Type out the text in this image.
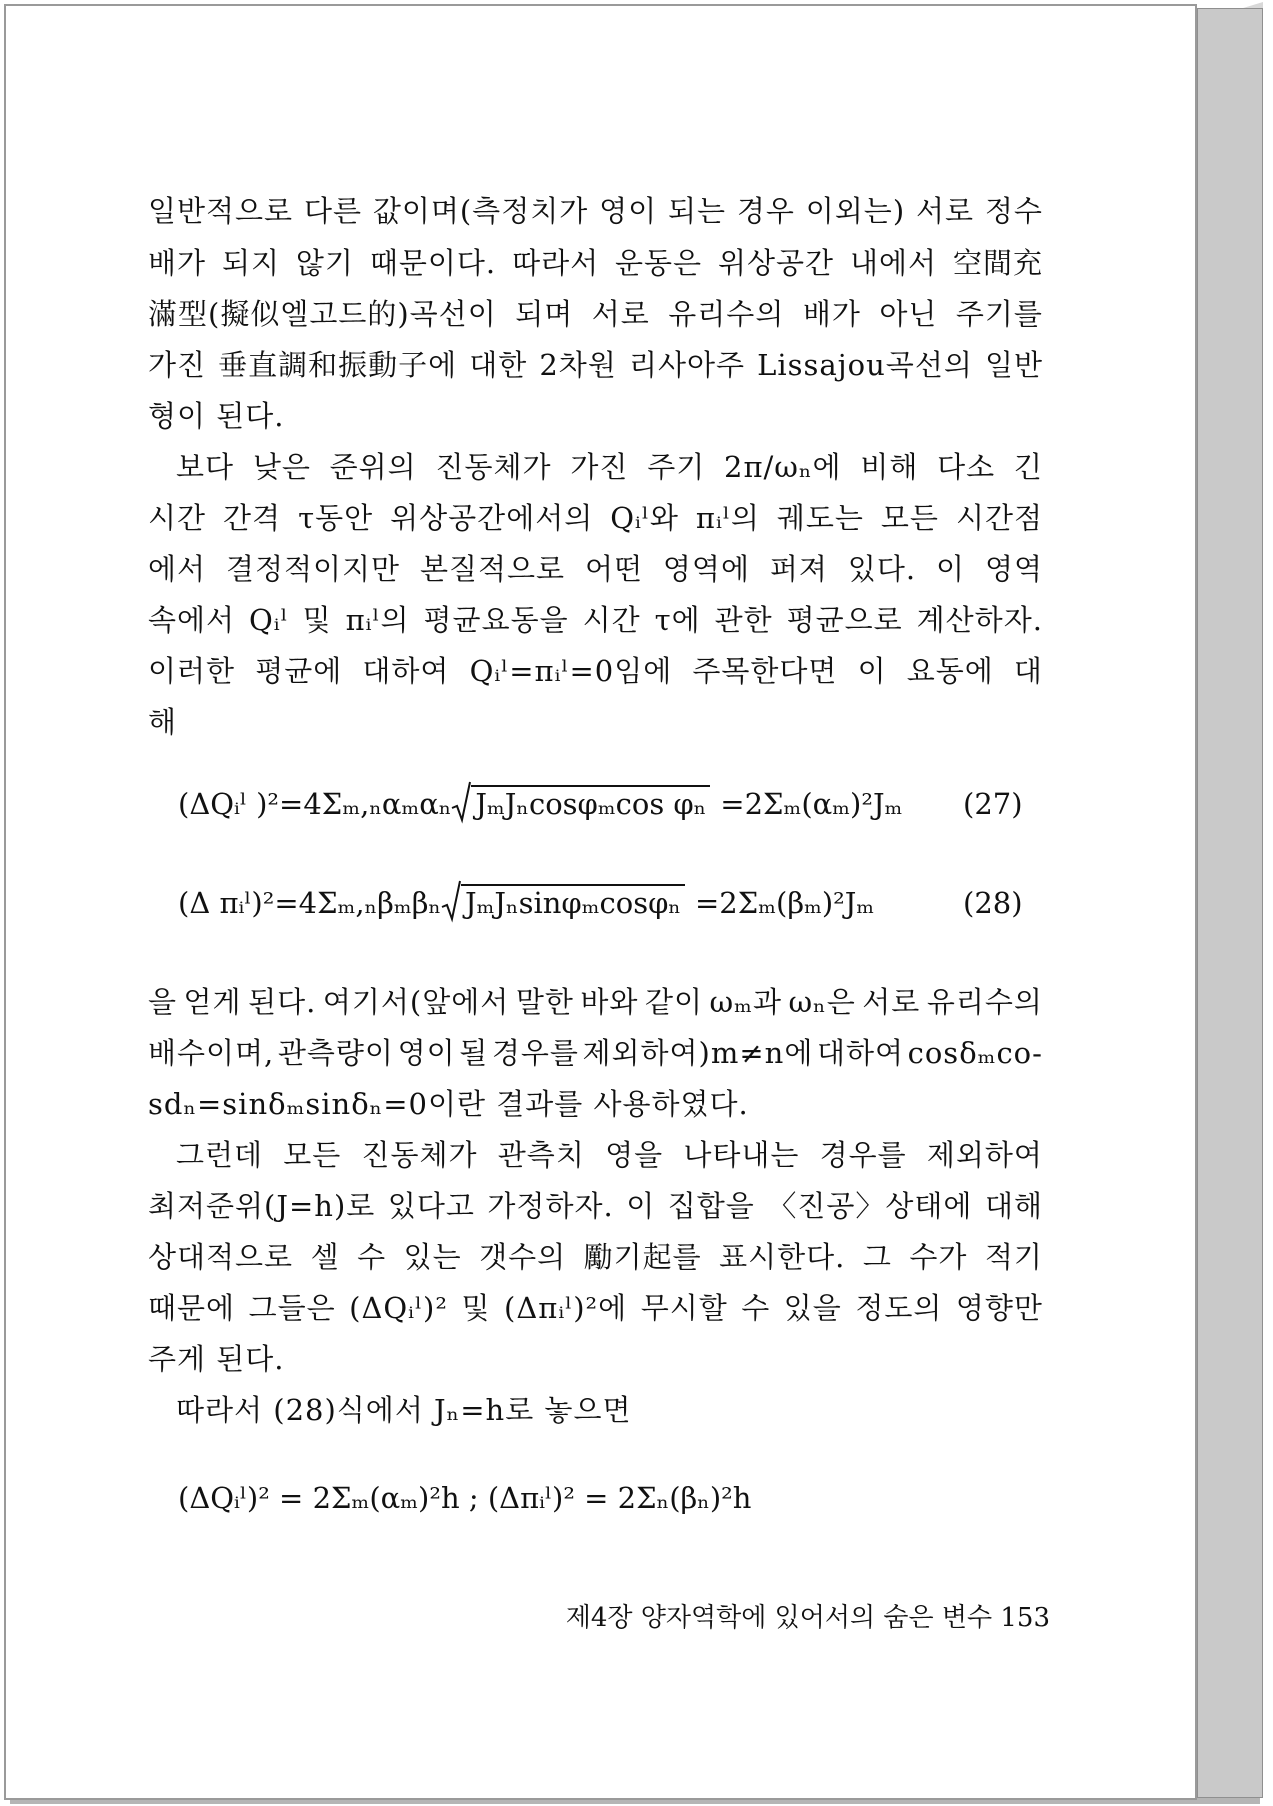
일반적으로 다른 값이며(측정치가 영이 되는 경우 이외는) 서로 정수
배가 되지 않기 때문이다. 따라서 운동은 위상공간 내에서 空間充
滿型(擬似엘고드的)곡선이 되며 서로 유리수의 배가 아닌 주기를
가진 垂直調和振動子에 대한 2차원 리사아주 Lissajou곡선의 일반
형이 된다.
보다 낮은 준위의 진동체가 가진 주기 2π/ωₙ에 비해 다소 긴
시간 간격 τ동안 위상공간에서의 Qᵢˡ와 πᵢˡ의 궤도는 모든 시간점
에서 결정적이지만 본질적으로 어떤 영역에 퍼져 있다. 이 영역
속에서 Qᵢˡ 및 πᵢˡ의 평균요동을 시간 τ에 관한 평균으로 계산하자.
이러한 평균에 대하여 Qᵢˡ=πᵢˡ=0임에 주목한다면 이 요동에 대
해
(ΔQᵢˡ )²=4Σₘ,ₙαₘαₙ JₘJₙcosφₘcos φₙ =2Σₘ(αₘ)²Jₘ (27)
(Δ πᵢˡ)²=4Σₘ,ₙβₘβₙ JₘJₙsinφₘcosφₙ =2Σₘ(βₘ)²Jₘ	(28)
을 얻게 된다. 여기서(앞에서 말한 바와 같이 ωₘ과 ωₙ은 서로 유리수의
배수이며, 관측량이 영이 될 경우를 제외하여)m≠n에 대하여 cosδₘco-
sdₙ=sinδₘsinδₙ=0이란 결과를 사용하였다.
그런데 모든 진동체가 관측치 영을 나타내는 경우를 제외하여
최저준위(J=h)로 있다고 가정하자. 이 집합을 〈진공〉상태에 대해
상대적으로 셀 수 있는 갯수의 勵기起를 표시한다. 그 수가 적기
때문에 그들은 (ΔQᵢˡ)² 및 (Δπᵢˡ)²에 무시할 수 있을 정도의 영향만
주게 된다.
따라서 (28)식에서 Jₙ=h로 놓으면
(ΔQᵢˡ)² = 2Σₘ(αₘ)²h ; (Δπᵢˡ)² = 2Σₙ(βₙ)²h
제4장 양자역학에 있어서의 숨은 변수 153
